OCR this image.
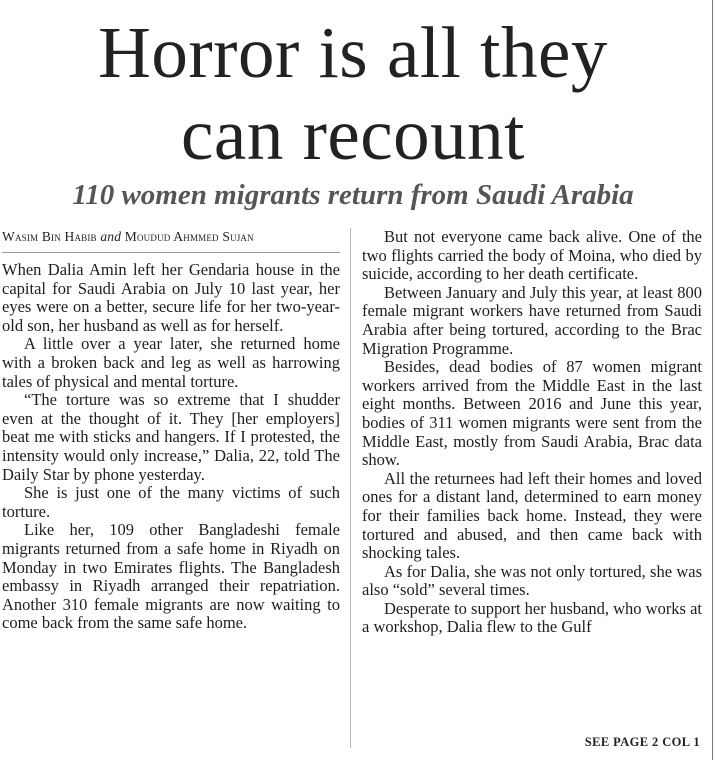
Horror is all they
can recount
110 women migrants return from Saudi Arabia
Wasim Bin Habib and Moudud Ahmmed Sujan

When Dalia Amin left her Gendaria house in the capital for Saudi Arabia on July 10 last year, her eyes were on a better, secure life for her two-year-old son, her husband as well as for herself.

A little over a year later, she returned home with a broken back and leg as well as harrowing tales of physical and mental torture.

“The torture was so extreme that I shudder even at the thought of it. They [her employers] beat me with sticks and hangers. If I protested, the intensity would only increase,” Dalia, 22, told The Daily Star by phone yesterday.

She is just one of the many victims of such torture.

Like her, 109 other Bangladeshi female migrants returned from a safe home in Riyadh on Monday in two Emirates flights. The Bangladesh embassy in Riyadh arranged their repatriation. Another 310 female migrants are now waiting to come back from the same safe home.

But not everyone came back alive. One of the two flights carried the body of Moina, who died by suicide, according to her death certificate.

Between January and July this year, at least 800 female migrant workers have returned from Saudi Arabia after being tortured, according to the Brac Migration Programme.

Besides, dead bodies of 87 women migrant workers arrived from the Middle East in the last eight months. Between 2016 and June this year, bodies of 311 women migrants were sent from the Middle East, mostly from Saudi Arabia, Brac data show.

All the returnees had left their homes and loved ones for a distant land, determined to earn money for their families back home. Instead, they were tortured and abused, and then came back with shocking tales.

As for Dalia, she was not only tortured, she was also “sold” several times.

Desperate to support her husband, who works at a workshop, Dalia flew to the Gulf

SEE PAGE 2 COL 1
